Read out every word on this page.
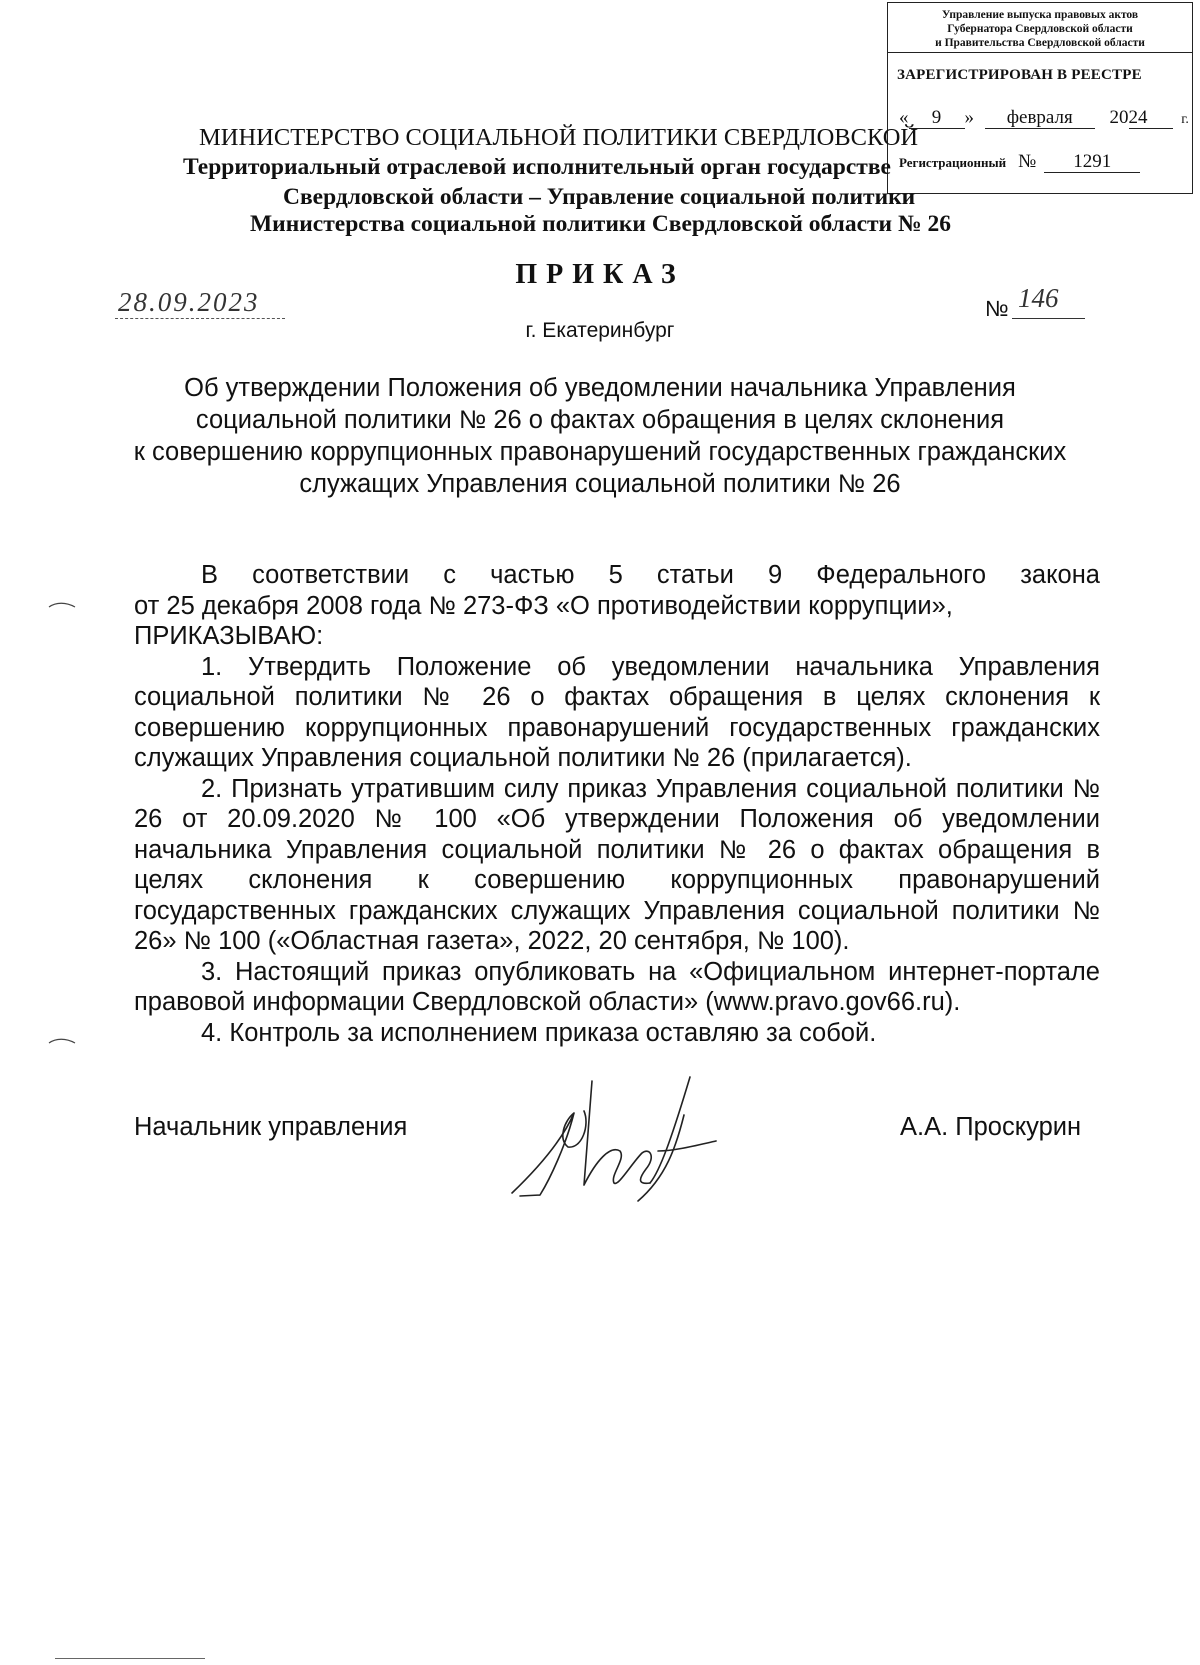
Управление выпуска правовых актов
Губернатора Свердловской области
и Правительства Свердловской области
ЗАРЕГИСТРИРОВАН В РЕЕСТРЕ
« 9 » февраля 2024 г.
Регистрационный № 1291
МИНИСТЕРСТВО СОЦИАЛЬНОЙ ПОЛИТИКИ СВЕРДЛОВСКОЙ
Территориальный отраслевой исполнительный орган государстве
Свердловской области – Управление социальной политики
Министерства социальной политики Свердловской области № 26
ПРИКАЗ
28.09.2023	№ 146
г. Екатеринбург
Об утверждении Положения об уведомлении начальника Управления
социальной политики № 26 о фактах обращения в целях склонения
к совершению коррупционных правонарушений государственных гражданских
служащих Управления социальной политики № 26

В соответствии с частью 5 статьи 9 Федерального закона

от 25 декабря 2008 года № 273-ФЗ «О противодействии коррупции»,

ПРИКАЗЫВАЮ:

1. Утвердить Положение об уведомлении начальника Управления социальной политики № 26 о фактах обращения в целях склонения к совершению коррупционных правонарушений государственных гражданских служащих Управления социальной политики № 26 (прилагается).

2. Признать утратившим силу приказ Управления социальной политики № 26 от 20.09.2020 № 100 «Об утверждении Положения об уведомлении начальника Управления социальной политики № 26 о фактах обращения в целях склонения к совершению коррупционных правонарушений государственных гражданских служащих Управления социальной политики № 26» № 100 («Областная газета», 2022, 20 сентября, № 100).

3. Настоящий приказ опубликовать на «Официальном интернет-портале правовой информации Свердловской области» (www.pravo.gov66.ru).

4. Контроль за исполнением приказа оставляю за собой.

Начальник управления	А.А. Проскурин
